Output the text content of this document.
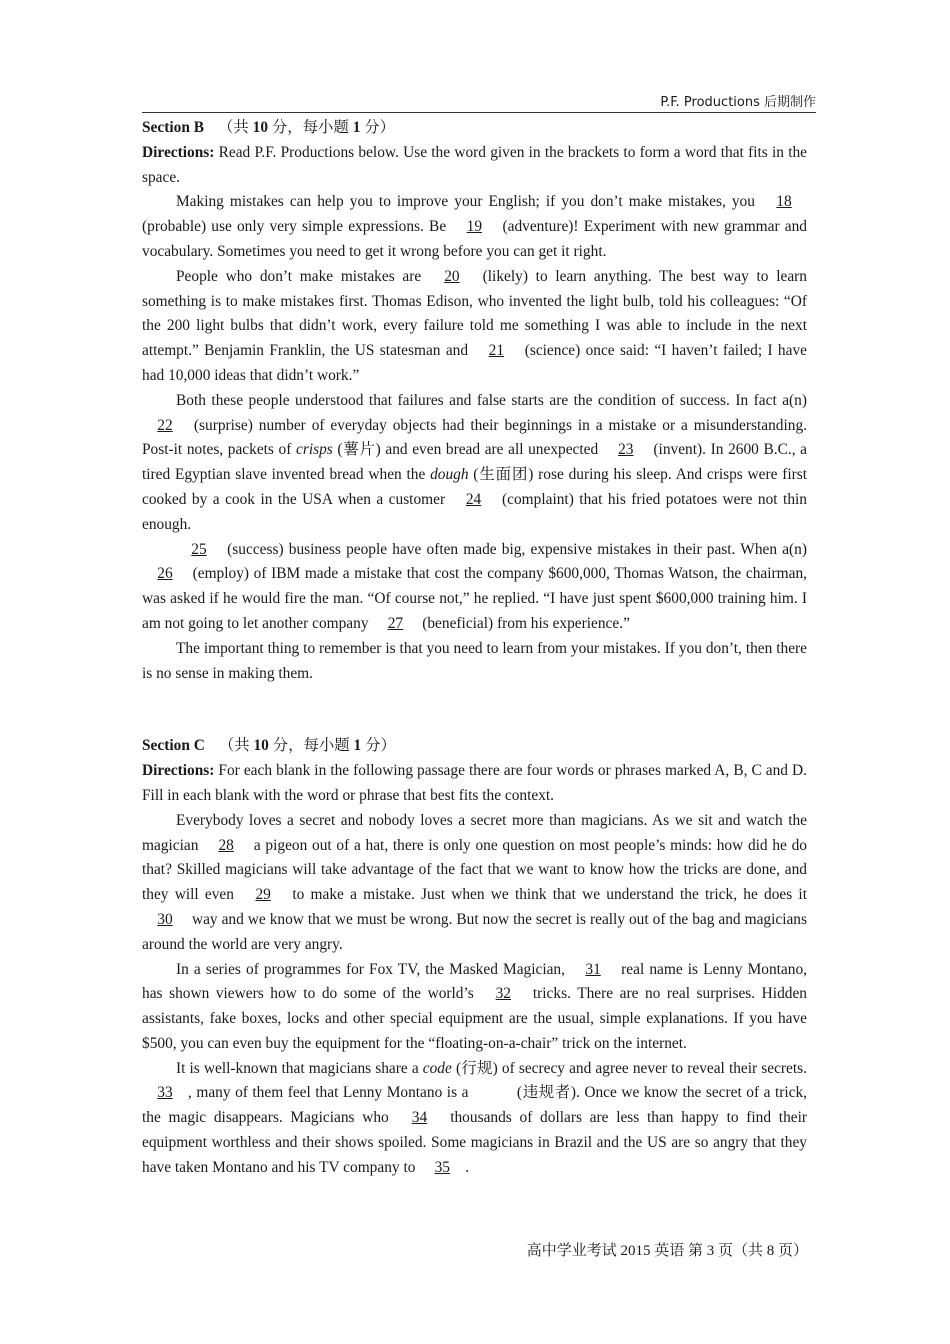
P.F. Productions 后期制作

Section B （共 10 分，每小题 1 分）

Directions: Read P.F. Productions below. Use the word given in the brackets to form a word that fits in the space.

Making mistakes can help you to improve your English; if you don’t make mistakes, you 18 (probable) use only very simple expressions. Be 19 (adventure)! Experiment with new grammar and vocabulary. Sometimes you need to get it wrong before you can get it right.

People who don’t make mistakes are 20 (likely) to learn anything. The best way to learn something is to make mistakes first. Thomas Edison, who invented the light bulb, told his colleagues: “Of the 200 light bulbs that didn’t work, every failure told me something I was able to include in the next attempt.” Benjamin Franklin, the US statesman and 21 (science) once said: “I haven’t failed; I have had 10,000 ideas that didn’t work.”

Both these people understood that failures and false starts are the condition of success. In fact a(n) 22 (surprise) number of everyday objects had their beginnings in a mistake or a misunderstanding. Post-it notes, packets of crisps (薯片) and even bread are all unexpected 23 (invent). In 2600 B.C., a tired Egyptian slave invented bread when the dough (生面团) rose during his sleep. And crisps were first cooked by a cook in the USA when a customer 24 (complaint) that his fried potatoes were not thin enough.

25 (success) business people have often made big, expensive mistakes in their past. When a(n) 26 (employ) of IBM made a mistake that cost the company $600,000, Thomas Watson, the chairman, was asked if he would fire the man. “Of course not,” he replied. “I have just spent $600,000 training him. I am not going to let another company 27 (beneficial) from his experience.”

The important thing to remember is that you need to learn from your mistakes. If you don’t, then there is no sense in making them.

Section C （共 10 分，每小题 1 分）

Directions: For each blank in the following passage there are four words or phrases marked A, B, C and D. Fill in each blank with the word or phrase that best fits the context.

Everybody loves a secret and nobody loves a secret more than magicians. As we sit and watch the magician 28 a pigeon out of a hat, there is only one question on most people’s minds: how did he do that? Skilled magicians will take advantage of the fact that we want to know how the tricks are done, and they will even 29 to make a mistake. Just when we think that we understand the trick, he does it 30 way and we know that we must be wrong. But now the secret is really out of the bag and magicians around the world are very angry.

In a series of programmes for Fox TV, the Masked Magician, 31 real name is Lenny Montano, has shown viewers how to do some of the world’s 32 tricks. There are no real surprises. Hidden assistants, fake boxes, locks and other special equipment are the usual, simple explanations. If you have $500, you can even buy the equipment for the “floating-on-a-chair” trick on the internet.

It is well-known that magicians share a code (行规) of secrecy and agree never to reveal their secrets. 33 , many of them feel that Lenny Montano is a	(违规者). Once we know the secret of a trick, the magic disappears. Magicians who 34 thousands of dollars are less than happy to find their equipment worthless and their shows spoiled. Some magicians in Brazil and the US are so angry that they have taken Montano and his TV company to 35 .

高中学业考试 2015 英语 第 3 页（共 8 页）
